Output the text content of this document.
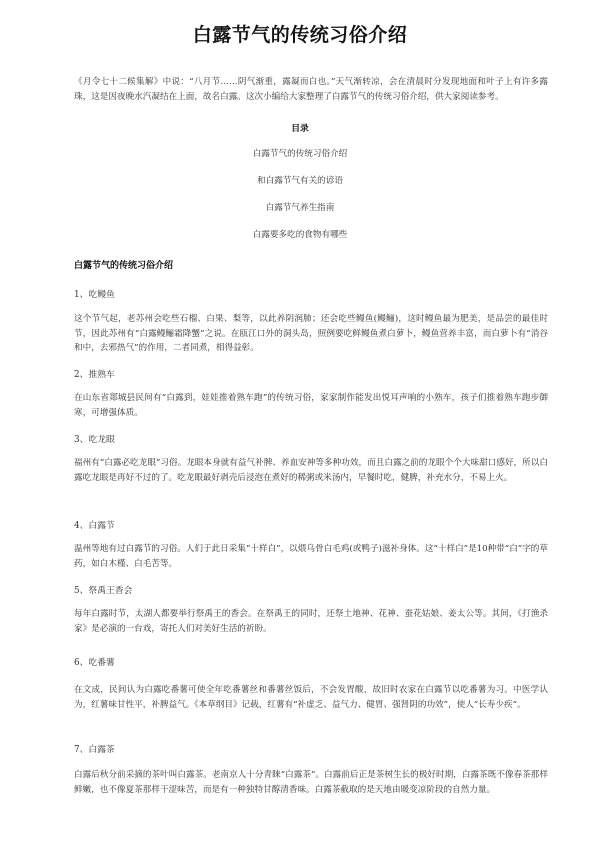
白露节气的传统习俗介绍
《月令七十二候集解》中说：“八月节……阴气渐重，露凝而白也。”天气渐转凉，会在清晨时分发现地面和叶子上有许多露珠，这是因夜晚水汽凝结在上面，故名白露。这次小编给大家整理了白露节气的传统习俗介绍，供大家阅读参考。
目录
白露节气的传统习俗介绍
和白露节气有关的谚语
白露节气养生指南
白露要多吃的食物有哪些
白露节气的传统习俗介绍
1、吃鳗鱼
这个节气起，老苏州会吃些石榴、白果、梨等，以此养阴润肺；还会吃些鳗鱼(鳗鲡)，这时鳗鱼最为肥美，是品尝的最佳时节，因此苏州有“白露鳗鲡霜降蟹”之说。在瓯江口外的洞头岛，照例要吃鲜鳗鱼煮白萝卜，鳗鱼营养丰富，而白萝卜有“消谷和中，去邪热气”的作用，二者同煮，相得益彰。
2、推熟车
在山东省郯城县民间有“白露到，娃娃推着熟车跑”的传统习俗，家家制作能发出悦耳声响的小熟车，孩子们推着熟车跑步御寒，可增强体质。
3、吃龙眼
福州有“白露必吃龙眼”习俗。龙眼本身就有益气补脾、养血安神等多种功效，而且白露之前的龙眼个个大味甜口感好，所以白露吃龙眼是再好不过的了。吃龙眼最好剥壳后浸泡在煮好的稀粥或米汤内，早餐时吃，健脾，补充水分，不易上火。
4、白露节
温州等地有过白露节的习俗。人们于此日采集“十样白”，以煨乌骨白毛鸡(或鸭子)滋补身体。这“十样白”是10种带“白”字的草药，如白木槿、白毛苦等。
5、祭禹王香会
每年白露时节，太湖人都要举行祭禹王的香会。在祭禹王的同时，还祭土地神、花神、蚕花姑娘、姜太公等。其间，《打渔杀家》是必演的一台戏，寄托人们对美好生活的祈盼。
6、吃番薯
在文成，民间认为白露吃番薯可使全年吃番薯丝和番薯丝饭后，不会发胃酸，故旧时农家在白露节以吃番薯为习。中医学认为，红薯味甘性平，补脾益气。《本草纲目》记载，红薯有“补虚乏、益气力、健胃、强肾阴的功效”，使人“长寿少疾”。
7、白露茶
白露后秋分前采摘的茶叶叫白露茶。老南京人十分青睐“白露茶”。白露前后正是茶树生长的极好时期，白露茶既不像春茶那样鲜嫩，也不像夏茶那样干涩味苦，而是有一种独特甘醇清香味。白露茶截取的是天地由暖变凉阶段的自然力量。
